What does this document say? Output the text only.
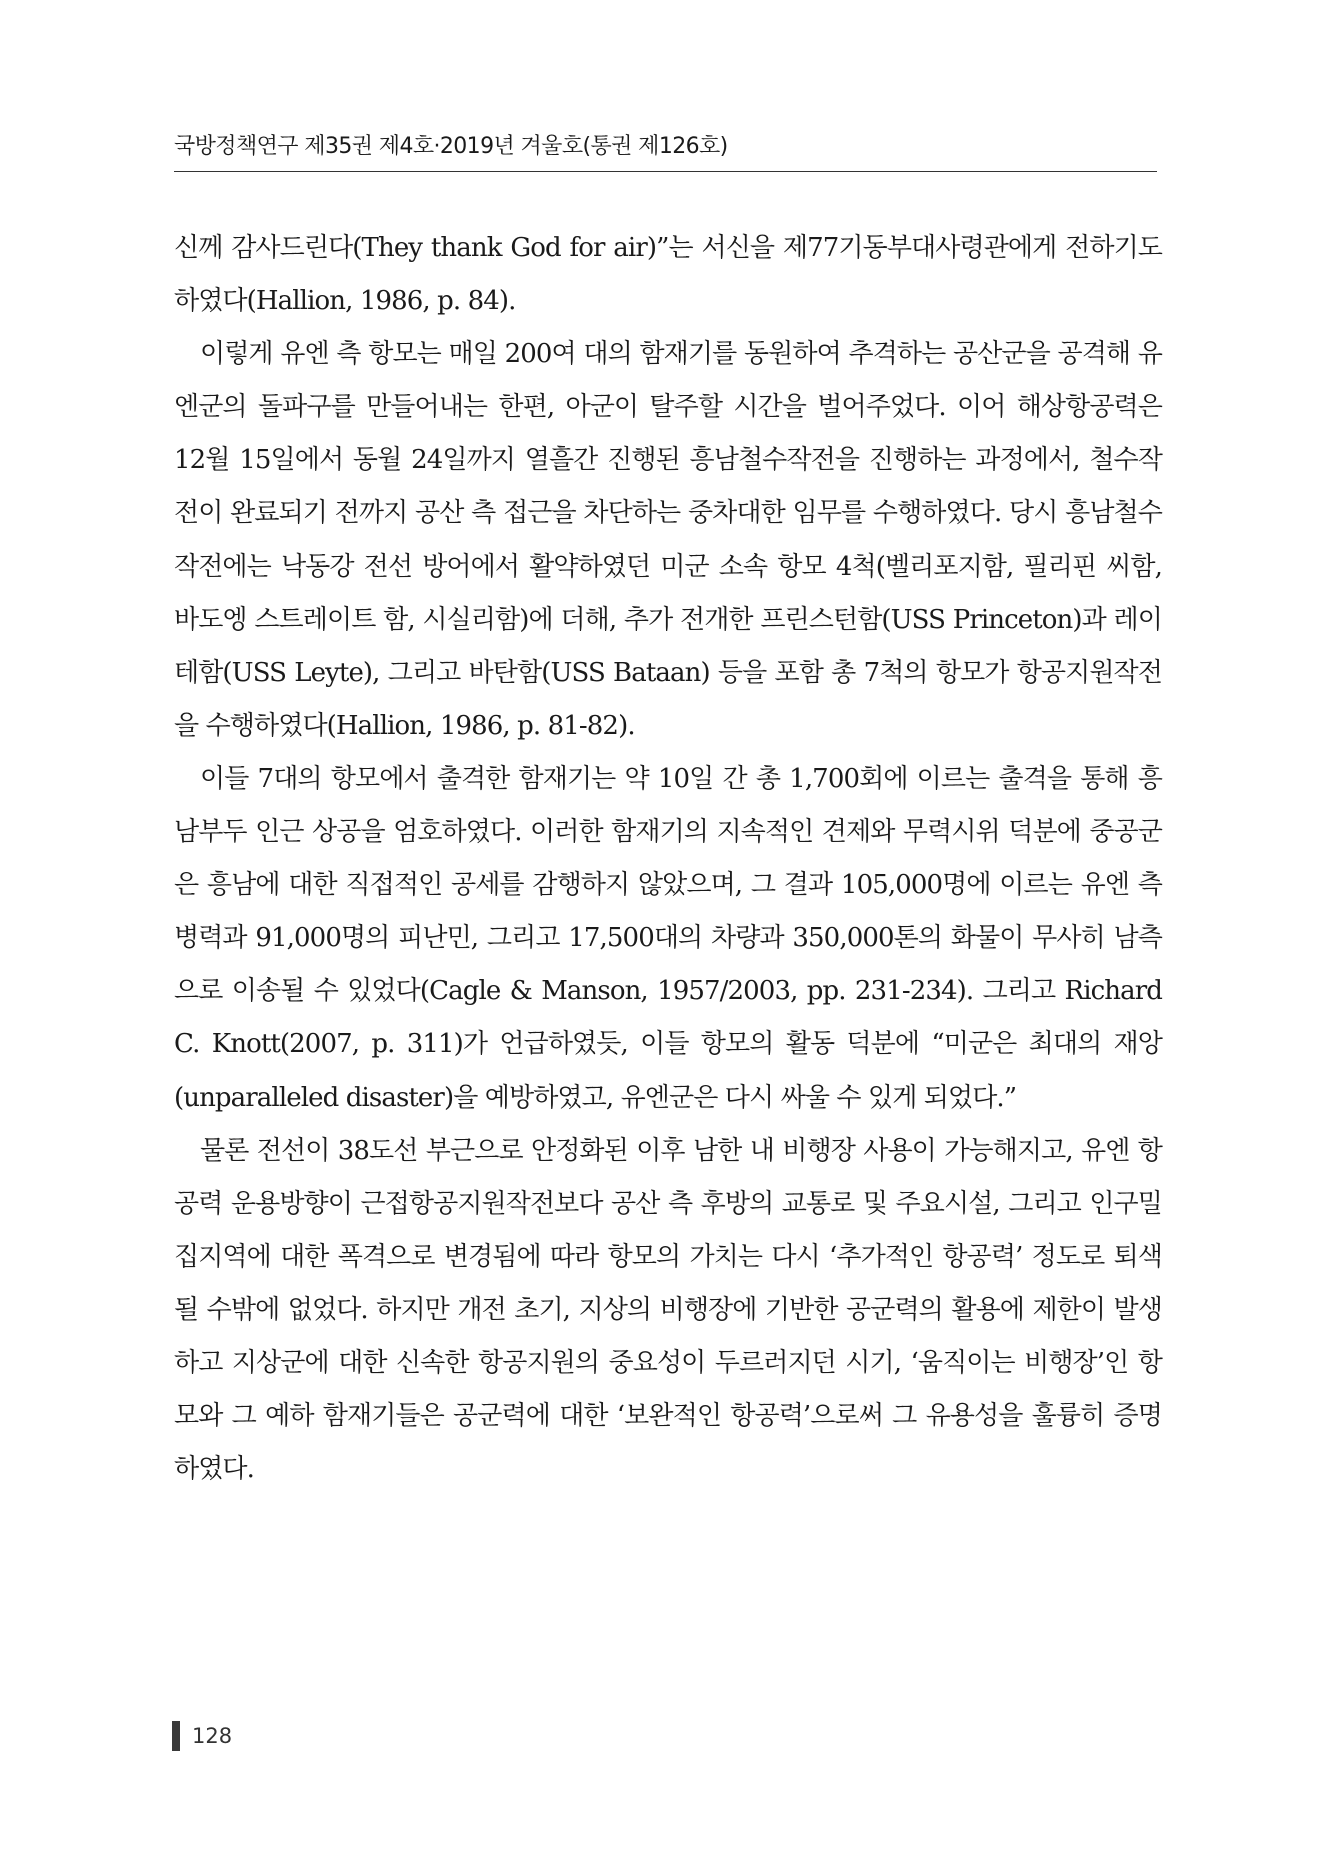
국방정책연구 제35권 제4호·2019년 겨울호(통권 제126호)

신께 감사드린다(They thank God for air)”는 서신을 제77기동부대사령관에게 전하기도 하였다(Hallion, 1986, p. 84).

이렇게 유엔 측 항모는 매일 200여 대의 함재기를 동원하여 추격하는 공산군을 공격해 유엔군의 돌파구를 만들어내는 한편, 아군이 탈주할 시간을 벌어주었다. 이어 해상항공력은 12월 15일에서 동월 24일까지 열흘간 진행된 흥남철수작전을 진행하는 과정에서, 철수작전이 완료되기 전까지 공산 측 접근을 차단하는 중차대한 임무를 수행하였다. 당시 흥남철수작전에는 낙동강 전선 방어에서 활약하였던 미군 소속 항모 4척(벨리포지함, 필리핀 씨함, 바도엥 스트레이트 함, 시실리함)에 더해, 추가 전개한 프린스턴함(USS Princeton)과 레이테함(USS Leyte), 그리고 바탄함(USS Bataan) 등을 포함 총 7척의 항모가 항공지원작전을 수행하였다(Hallion, 1986, p. 81-82).

이들 7대의 항모에서 출격한 함재기는 약 10일 간 총 1,700회에 이르는 출격을 통해 흥남부두 인근 상공을 엄호하였다. 이러한 함재기의 지속적인 견제와 무력시위 덕분에 중공군은 흥남에 대한 직접적인 공세를 감행하지 않았으며, 그 결과 105,000명에 이르는 유엔 측 병력과 91,000명의 피난민, 그리고 17,500대의 차량과 350,000톤의 화물이 무사히 남측으로 이송될 수 있었다(Cagle & Manson, 1957/2003, pp. 231-234). 그리고 Richard C. Knott(2007, p. 311)가 언급하였듯, 이들 항모의 활동 덕분에 “미군은 최대의 재앙(unparalleled disaster)을 예방하였고, 유엔군은 다시 싸울 수 있게 되었다.”

물론 전선이 38도선 부근으로 안정화된 이후 남한 내 비행장 사용이 가능해지고, 유엔 항공력 운용방향이 근접항공지원작전보다 공산 측 후방의 교통로 및 주요시설, 그리고 인구밀집지역에 대한 폭격으로 변경됨에 따라 항모의 가치는 다시 ‘추가적인 항공력’ 정도로 퇴색될 수밖에 없었다. 하지만 개전 초기, 지상의 비행장에 기반한 공군력의 활용에 제한이 발생하고 지상군에 대한 신속한 항공지원의 중요성이 두르러지던 시기, ‘움직이는 비행장’인 항모와 그 예하 함재기들은 공군력에 대한 ‘보완적인 항공력’으로써 그 유용성을 훌륭히 증명하였다.

128
